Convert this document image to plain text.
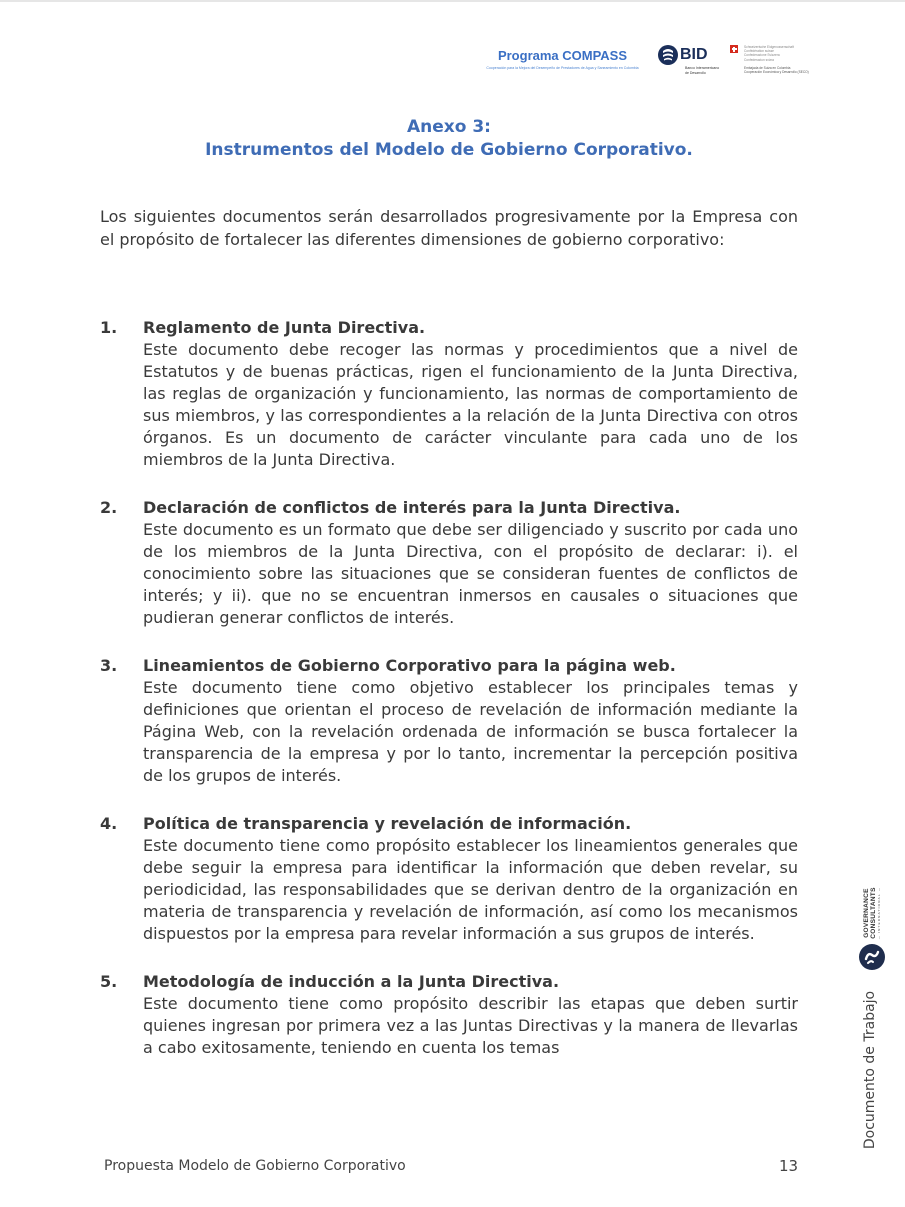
Programa COMPASS
Cooperación para la Mejora del Desempeño de Prestadores de Agua y Saneamiento en Colombia
BID
Banco Interamericano
de Desarrollo
Schweizerische Eidgenossenschaft
Confédération suisse
Confederazione Svizzera
Confederaziun svizra
Embajada de Suiza en Colombia
Cooperación Económica y Desarrollo (SECO)
Anexo 3:
Instrumentos del Modelo de Gobierno Corporativo.

Los siguientes documentos serán desarrollados progresivamente por la Empresa con el propósito de fortalecer las diferentes dimensiones de gobierno corporativo:

1. Reglamento de Junta Directiva.

Este documento debe recoger las normas y procedimientos que a nivel de Estatutos y de buenas prácticas, rigen el funcionamiento de la Junta Directiva, las reglas de organización y funcionamiento, las normas de comportamiento de sus miembros, y las correspondientes a la relación de la Junta Directiva con otros órganos. Es un documento de carácter vinculante para cada uno de los miembros de la Junta Directiva.

2. Declaración de conflictos de interés para la Junta Directiva.

Este documento es un formato que debe ser diligenciado y suscrito por cada uno de los miembros de la Junta Directiva, con el propósito de declarar: i). el conocimiento sobre las situaciones que se consideran fuentes de conflictos de interés; y ii). que no se encuentran inmersos en causales o situaciones que pudieran generar conflictos de interés.

3. Lineamientos de Gobierno Corporativo para la página web.

Este documento tiene como objetivo establecer los principales temas y definiciones que orientan el proceso de revelación de información mediante la Página Web, con la revelación ordenada de información se busca fortalecer la transparencia de la empresa y por lo tanto, incrementar la percepción positiva de los grupos de interés.

4. Política de transparencia y revelación de información.

Este documento tiene como propósito establecer los lineamientos generales que debe seguir la empresa para identificar la información que deben revelar, su periodicidad, las responsabilidades que se derivan dentro de la organización en materia de transparencia y revelación de información, así como los mecanismos dispuestos por la empresa para revelar información a sus grupos de interés.

5. Metodología de inducción a la Junta Directiva.

Este documento tiene como propósito describir las etapas que deben surtir quienes ingresan por primera vez a las Juntas Directivas y la manera de llevarlas a cabo exitosamente, teniendo en cuenta los temas

Propuesta Modelo de Gobierno Corporativo	13
GOVERNANCE CONSULTANTS — INTERNATIONAL —
Documento de Trabajo
